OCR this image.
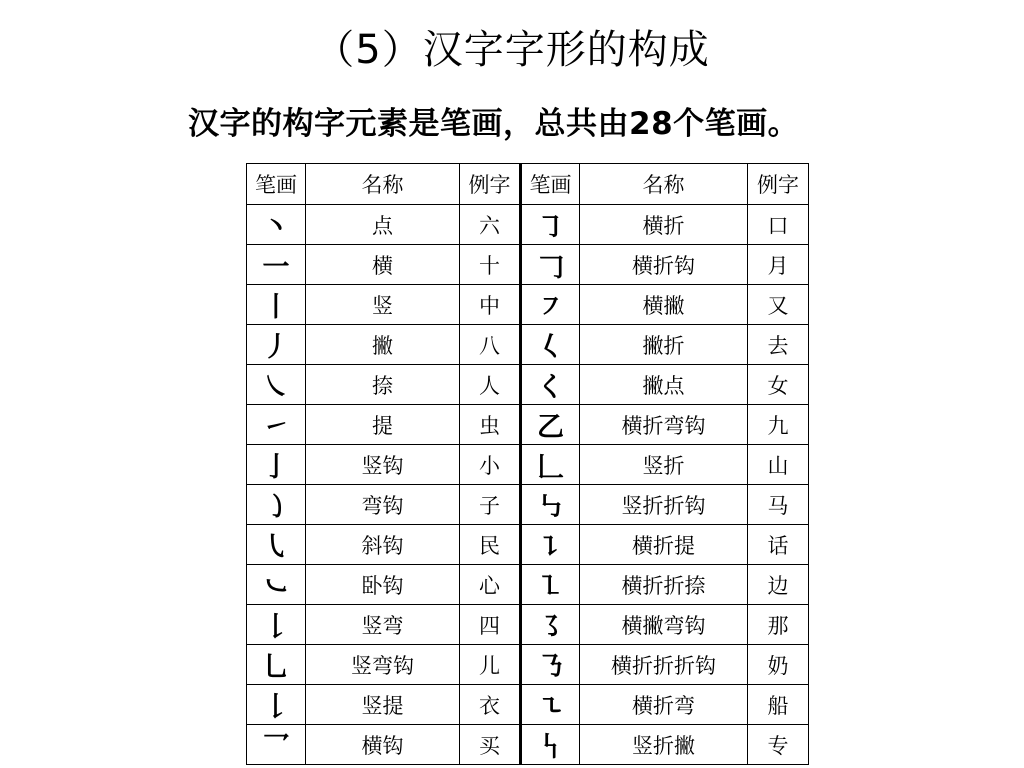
（5）汉字字形的构成
汉字的构字元素是笔画，总共由28个笔画。
笔画	名称	例字	笔画	名称	例字
丶	点	六	㇆	横折	口
一	横	十	𠃌	横折钩	月
丨	竖	中	㇇	横撇	又
丿	撇	八	𡿨	撇折	去
㇏	捺	人	く	撇点	女
㇀	提	虫	乙	横折弯钩	九
亅	竖钩	小	𠃊	竖折	山
㇁	弯钩	子	㇉	竖折折钩	马
㇂	斜钩	民	㇊	横折提	话
㇃	卧钩	心	㇅	横折折捺	边
𠄌	竖弯	四	㇌	横撇弯钩	那
乚	竖弯钩	儿	㇡	横折折折钩	奶
𠄌	竖提	衣	㇍	横折弯	船
乛	横钩	买	𠃑	竖折撇	专
